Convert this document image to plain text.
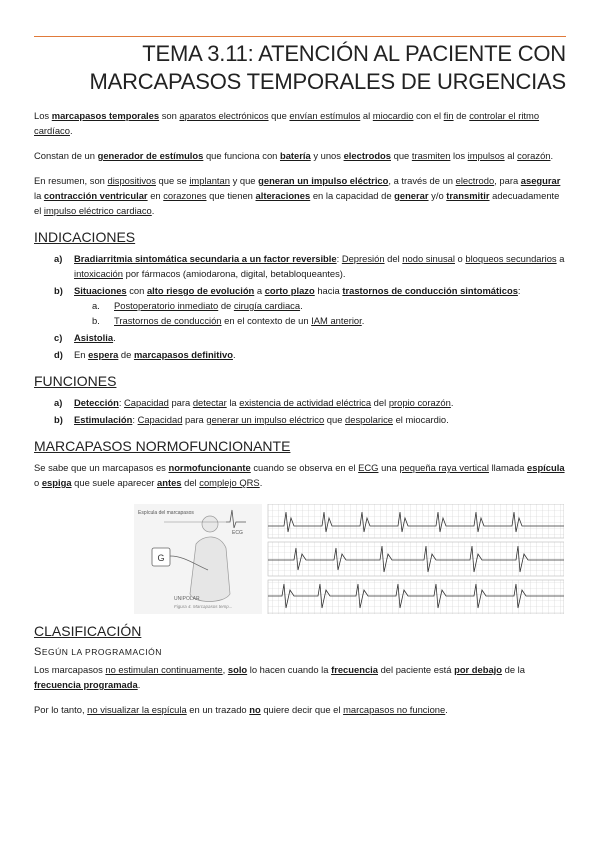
TEMA 3.11: ATENCIÓN AL PACIENTE CON
MARCAPASOS TEMPORALES DE URGENCIAS

Los marcapasos temporales son aparatos electrónicos que envían estímulos al miocardio con el fin de controlar el ritmo cardíaco.

Constan de un generador de estímulos que funciona con batería y unos electrodos que trasmiten los impulsos al corazón.

En resumen, son dispositivos que se implantan y que generan un impulso eléctrico, a través de un electrodo, para asegurar la contracción ventricular en corazones que tienen alteraciones en la capacidad de generar y/o transmitir adecuadamente el impulso eléctrico cardiaco.

INDICACIONES
a) Bradiarritmia sintomática secundaria a un factor reversible: Depresión del nodo sinusal o bloqueos secundarios a intoxicación por fármacos (amiodarona, digital, betabloqueantes).
b) Situaciones con alto riesgo de evolución a corto plazo hacia trastornos de conducción sintomáticos:
a. Postoperatorio inmediato de cirugía cardiaca.
b. Trastornos de conducción en el contexto de un IAM anterior.
c) Asistolia.
d) En espera de marcapasos definitivo.
FUNCIONES
a) Detección: Capacidad para detectar la existencia de actividad eléctrica del propio corazón.
b) Estimulación: Capacidad para generar un impulso eléctrico que despolarice el miocardio.
MARCAPASOS NORMOFUNCIONANTE

Se sabe que un marcapasos es normofuncionante cuando se observa en el ECG una pequeña raya vertical llamada espícula o espiga que suele aparecer antes del complejo QRS.

G
Espícula del marcapasos
ECG
UNIPOLAR
Figura 4. Marcapasos temp...
CLASIFICACIÓN
SEGÚN LA PROGRAMACIÓN

Los marcapasos no estimulan continuamente, solo lo hacen cuando la frecuencia del paciente está por debajo de la frecuencia programada.

Por lo tanto, no visualizar la espícula en un trazado no quiere decir que el marcapasos no funcione.
